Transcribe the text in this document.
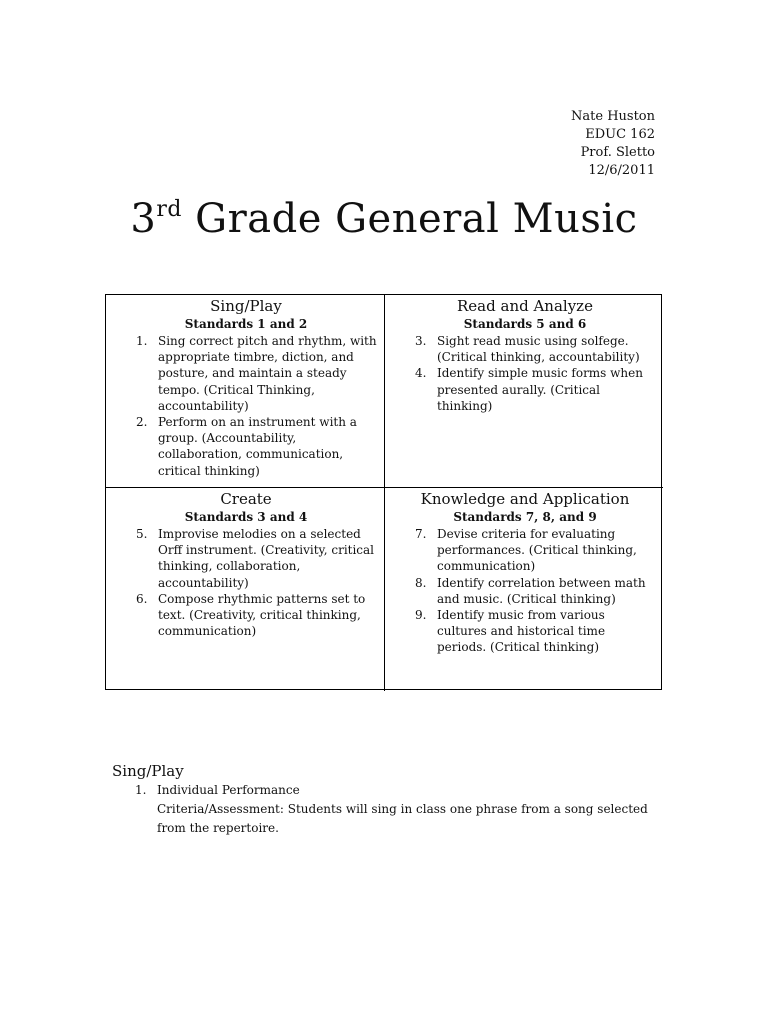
Nate Huston
EDUC 162
Prof. Sletto
12/6/2011
3rd Grade General Music
Sing/Play
Standards 1 and 2
1. Sing correct pitch and rhythm, with appropriate timbre, diction, and posture, and maintain a steady tempo. (Critical Thinking, accountability)
2. Perform on an instrument with a group. (Accountability, collaboration, communication, critical thinking)
Read and Analyze
Standards 5 and 6
3. Sight read music using solfege. (Critical thinking, accountability)
4. Identify simple music forms when presented aurally. (Critical thinking)
Create
Standards 3 and 4
5. Improvise melodies on a selected Orff instrument. (Creativity, critical thinking, collaboration, accountability)
6. Compose rhythmic patterns set to text. (Creativity, critical thinking, communication)
Knowledge and Application
Standards 7, 8, and 9
7. Devise criteria for evaluating performances. (Critical thinking, communication)
8. Identify correlation between math and music. (Critical thinking)
9. Identify music from various cultures and historical time periods. (Critical thinking)
Sing/Play
1. Individual Performance
Criteria/Assessment: Students will sing in class one phrase from a song selected from the repertoire.
